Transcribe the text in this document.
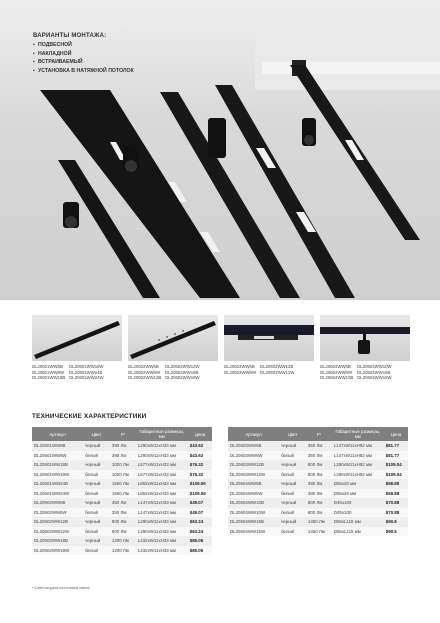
ВАРИАНТЫ МОНТАЖА:
▪ ПОДВЕСНОЙ
▪ НАКЛАДНОЙ
▪ ВСТРАИВАЕМЫЙ
▪ УСТАНОВКА В НАТЯЖНОЙ ПОТОЛОК
DL20601WW8B
DL20601WW8W
DL20601WW18B
DL20601WW18W
DL20601WW24B
DL20601WW24W
DL20602WW6B
DL20602WW6W
DL20602WW12B
DL20602WW12W
DL20602WW18B
DL20602WW18W
DL20603WW6B
DL20603WW6W
DL20603WW12B
DL20603WW12W
DL20604WW5B
DL20604WW5W
DL20604WW10B
DL20604WW10W
DL20604WW15B
DL20604WW15W
ТЕХНИЧЕСКИЕ ХАРАКТЕРИСТИКИ
Артикул	Цвет	Fᵛ	Габаритные размеры, мм	Цена
DL20601WW8B	черный	390 Лм	L290xW11xH33 мм	$43.62
DL20601WW8W	белый	390 Лм	L290xW11xH33 мм	$43.62
DL20601WW18B	черный	1020 Лм	L577xW11xH33 мм	$76.32
DL20601WW18W	белый	1020 Лм	L577xW11xH33 мм	$76.32
DL20601WW24B	черный	1560 Лм	L863xW11xH33 мм	$109.06
DL20601WW24W	белый	1560 Лм	L863xW11xH33 мм	$109.06
DL20602WW6B	черный	350 Лм	L147xW11xH33 мм	$49.07
DL20602WW6W	белый	350 Лм	L147xW11xH33 мм	$49.07
DL20602WW12B	черный	800 Лм	L290xW11xH33 мм	$63.24
DL20602WW12W	белый	800 Лм	L290xW11xH33 мм	$63.24
DL20602WW18B	черный	1200 Лм	L432xW11xH33 мм	$85.05
DL20602WW18W	белый	1200 Лм	L432xW11xH33 мм	$85.05
Артикул	Цвет	Fᵛ	Габаритные размеры, мм	Цена
DL20603WW6B	черный	350 Лм	L147xW11xH82 мм	$81.77
DL20603WW6W	белый	350 Лм	L147xW11xH82 мм	$81.77
DL20603WW12B	черный	800 Лм	L290xW11xH82 мм	$109.04
DL20603WW12W	белый	800 Лм	L290xW11xH82 мм	$109.04
DL20604WW5B	черный	380 Лм	D55x20 мм	$58.88
DL20604WW5W	белый	380 Лм	D55x20 мм	$58.88
DL20604WW10B	черный	800 Лм	D45x100	$70.88
DL20604WW10W	белый	800 Лм	D45x100	$70.88
DL20604WW15B	черный	1450 Лм	D55xL115 мм	$90.5
DL20604WW15W	белый	1450 Лм	D55xL115 мм	$90.5
* Светоотдача источника света
